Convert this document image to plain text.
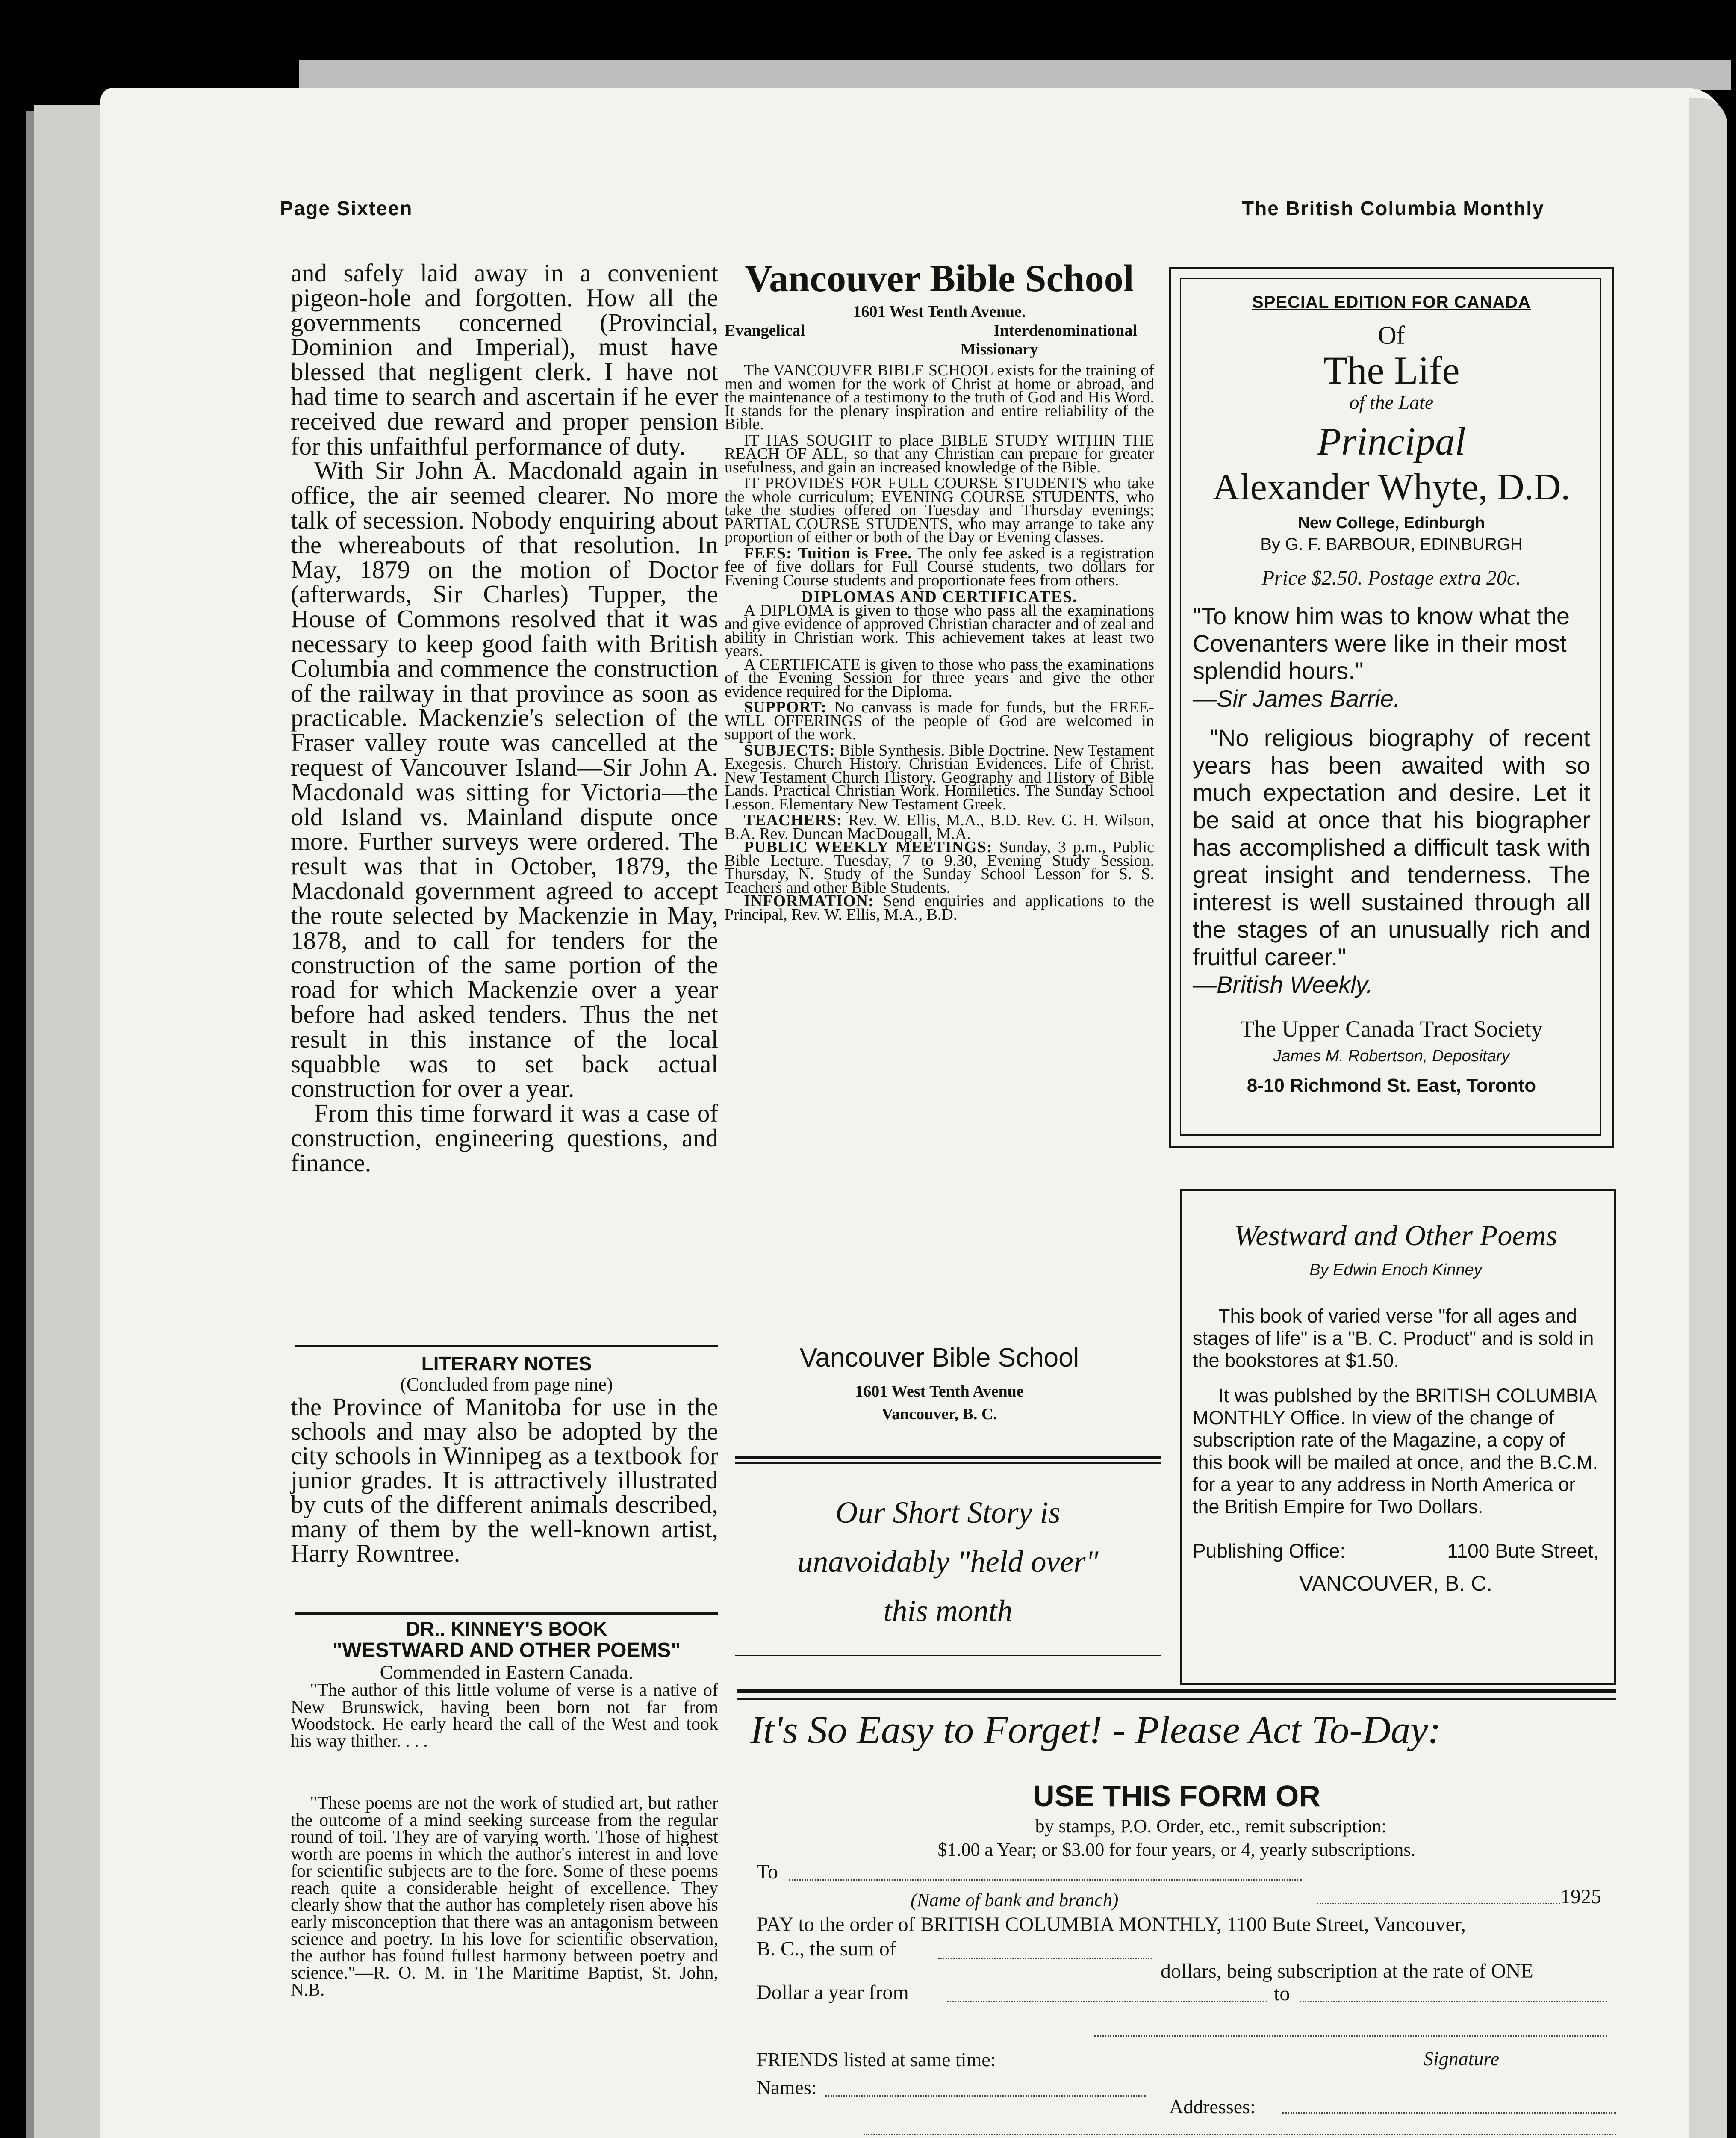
Page Sixteen	The British Columbia Monthly

and safely laid away in a convenient pigeon-hole and forgotten. How all the governments concerned (Provincial, Dominion and Imperial), must have blessed that negligent clerk. I have not had time to search and ascertain if he ever received due reward and proper pension for this unfaithful performance of duty.

With Sir John A. Macdonald again in office, the air seemed clearer. No more talk of secession. Nobody enquiring about the whereabouts of that resolution. In May, 1879 on the motion of Doctor (afterwards, Sir Charles) Tupper, the House of Commons resolved that it was necessary to keep good faith with British Columbia and commence the construction of the railway in that province as soon as practicable. Mackenzie's selection of the Fraser valley route was cancelled at the request of Vancouver Island—Sir John A. Macdonald was sitting for Victoria—the old Island vs. Mainland dispute once more. Further surveys were ordered. The result was that in October, 1879, the Macdonald government agreed to accept the route selected by Mackenzie in May, 1878, and to call for tenders for the construction of the same portion of the road for which Mackenzie over a year before had asked tenders. Thus the net result in this instance of the local squabble was to set back actual construction for over a year.

From this time forward it was a case of construction, engineering questions, and finance.

LITERARY NOTES
(Concluded from page nine)
the Province of Manitoba for use in the schools and may also be adopted by the city schools in Winnipeg as a textbook for junior grades. It is attractively illustrated by cuts of the different animals described, many of them by the well-known artist, Harry Rowntree.
DR.. KINNEY'S BOOK
"WESTWARD AND OTHER POEMS"
Commended in Eastern Canada.
"The author of this little volume of verse is a native of New Brunswick, having been born not far from Woodstock. He early heard the call of the West and took his way thither. . . .
"These poems are not the work of studied art, but rather the outcome of a mind seeking surcease from the regular round of toil. They are of varying worth. Those of highest worth are poems in which the author's interest in and love for scientific subjects are to the fore. Some of these poems reach quite a considerable height of excellence. They clearly show that the author has completely risen above his early misconception that there was an antagonism between science and poetry. In his love for scientific observation, the author has found fullest harmony between poetry and science."—R. O. M. in The Maritime Baptist, St. John, N.B.
Vancouver Bible School
1601 West Tenth Avenue.
Evangelical	Interdenominational
Missionary

The VANCOUVER BIBLE SCHOOL exists for the training of men and women for the work of Christ at home or abroad, and the maintenance of a testimony to the truth of God and His Word. It stands for the plenary inspiration and entire reliability of the Bible.

IT HAS SOUGHT to place BIBLE STUDY WITHIN THE REACH OF ALL, so that any Christian can prepare for greater usefulness, and gain an increased knowledge of the Bible.

IT PROVIDES FOR FULL COURSE STUDENTS who take the whole curriculum; EVENING COURSE STUDENTS, who take the studies offered on Tuesday and Thursday evenings; PARTIAL COURSE STUDENTS, who may arrange to take any proportion of either or both of the Day or Evening classes.

FEES: Tuition is Free. The only fee asked is a registration fee of five dollars for Full Course students, two dollars for Evening Course students and proportionate fees from others.

DIPLOMAS AND CERTIFICATES.

A DIPLOMA is given to those who pass all the examinations and give evidence of approved Christian character and of zeal and ability in Christian work. This achievement takes at least two years.

A CERTIFICATE is given to those who pass the examinations of the Evening Session for three years and give the other evidence required for the Diploma.

SUPPORT: No canvass is made for funds, but the FREE-WILL OFFERINGS of the people of God are welcomed in support of the work.

SUBJECTS: Bible Synthesis. Bible Doctrine. New Testament Exegesis. Church History. Christian Evidences. Life of Christ. New Testament Church History. Geography and History of Bible Lands. Practical Christian Work. Homiletics. The Sunday School Lesson. Elementary New Testament Greek.

TEACHERS: Rev. W. Ellis, M.A., B.D. Rev. G. H. Wilson, B.A. Rev. Duncan MacDougall, M.A.

PUBLIC WEEKLY MEETINGS: Sunday, 3 p.m., Public Bible Lecture. Tuesday, 7 to 9.30, Evening Study Session. Thursday, N. Study of the Sunday School Lesson for S. S. Teachers and other Bible Students.

INFORMATION: Send enquiries and applications to the Principal, Rev. W. Ellis, M.A., B.D.

Vancouver Bible School
1601 West Tenth Avenue
Vancouver, B. C.
Our Short Story is
unavoidably "held over"
this month
SPECIAL EDITION FOR CANADA
Of
The Life
of the Late
Principal
Alexander Whyte, D.D.
New College, Edinburgh
By G. F. BARBOUR, EDINBURGH
Price $2.50. Postage extra 20c.
"To know him was to know what the Covenanters were like in their most splendid hours."
—Sir James Barrie.
"No religious biography of recent years has been awaited with so much expectation and desire. Let it be said at once that his biographer has accomplished a difficult task with great insight and tenderness. The interest is well sustained through all the stages of an unusually rich and fruitful career."
—British Weekly.
The Upper Canada Tract Society
James M. Robertson, Depositary
8-10 Richmond St. East, Toronto
Westward and Other Poems
By Edwin Enoch Kinney
This book of varied verse "for all ages and stages of life" is a "B. C. Product" and is sold in the bookstores at $1.50.
It was publshed by the BRITISH COLUMBIA MONTHLY Office. In view of the change of subscription rate of the Magazine, a copy of this book will be mailed at once, and the B.C.M. for a year to any address in North America or the British Empire for Two Dollars.
Publishing Office:	1100 Bute Street,
VANCOUVER, B. C.
It's So Easy to Forget! - Please Act To-Day:
USE THIS FORM OR
by stamps, P.O. Order, etc., remit subscription:
$1.00 a Year; or $3.00 for four years, or 4, yearly subscriptions.
To
(Name of bank and branch)	1925
PAY to the order of BRITISH COLUMBIA MONTHLY, 1100 Bute Street, Vancouver,
B. C., the sum of
dollars, being subscription at the rate of ONE
Dollar a year from	to
FRIENDS listed at same time:	Signature
Names:
Addresses:
